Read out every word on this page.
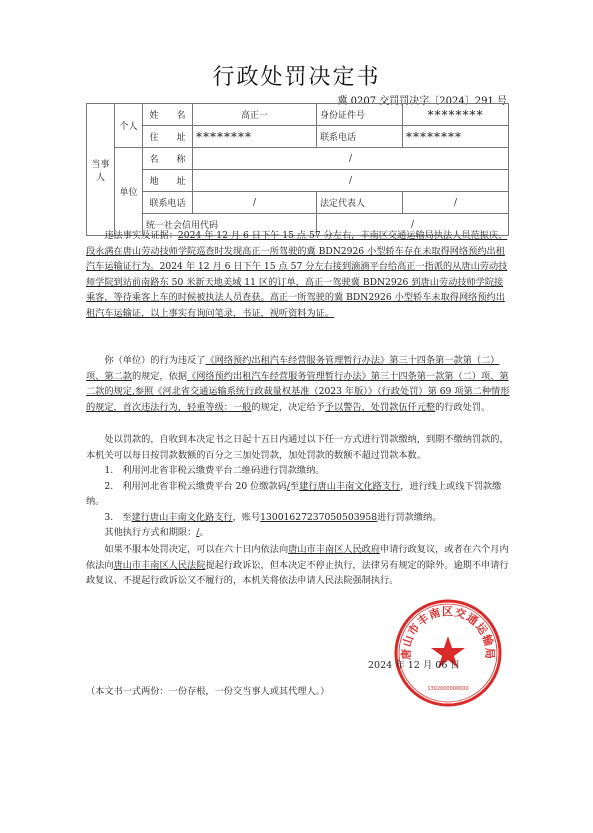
行政处罚决定书
冀 0207 交罚罚决字〔2024〕291 号
当事人	个人	姓　　名	高正一	身份证件号	********
		住　　址	********	联系电话	********
	单位	名　　称	/		
		地　　址	/		
		联系电话	/	法定代表人	/
		统一社会信用代码		/	

违法事实及证据：2024 年 12 月 6 日下午 15 点 57 分左右，丰南区交通运输局执法人员范振庆、段永满在唐山劳动技师学院巡查时发现高正一所驾驶的冀 BDN2926 小型轿车存在未取得网络预约出租汽车运输证行为。2024 年 12 月 6 日下午 15 点 57 分左右接到滴滴平台给高正一指派的从唐山劳动技师学院到站前南路东 50 米新天地美域 11 区的订单，高正一驾驶冀 BDN2926 到唐山劳动技师学院接乘客，等待乘客上车的时候被执法人员查获。高正一所驾驶的冀 BDN2926 小型轿车未取得网络预约出租汽车运输证，以上事实有询问笔录，书证，视听资料为证。

你（单位）的行为违反了《网络预约出租汽车经营服务管理暂行办法》第三十四条第一款第（二）项、第二款的规定，依据《网络预约出租汽车经营服务管理暂行办法》第三十四条第一款第（二）项、第二款的规定,参照《河北省交通运输系统行政裁量权基准（2023 年版）》（行政处罚）第 69 项第二种情形的规定，首次违法行为，轻重等级：一般的规定，决定给予予以警告，处罚款伍仟元整的行政处罚。

处以罚款的，自收到本决定书之日起十五日内通过以下任一方式进行罚款缴纳，到期不缴纳罚款的，本机关可以每日按罚款数额的百分之三加处罚款，加处罚款的数额不超过罚款本数。

1.　利用河北省非税云缴费平台二维码进行罚款缴纳。

2.　利用河北省非税云缴费平台 20 位缴款码/至建行唐山丰南文化路支行，进行线上或线下罚款缴纳。

3.　至建行唐山丰南文化路支行，账号13001627237050503958进行罚款缴纳。

其他执行方式和期限：/。

如果不服本处罚决定，可以在六十日内依法向唐山市丰南区人民政府申请行政复议，或者在六个月内依法向唐山市丰南区人民法院提起行政诉讼，但本决定不停止执行，法律另有规定的除外。逾期不申请行政复议、不提起行政诉讼又不履行的，本机关将依法申请人民法院强制执行。

唐山市丰南区交通运输局
1302000000000
2024 年 12 月 06 日
（本文书一式两份：一份存根，一份交当事人或其代理人。）
